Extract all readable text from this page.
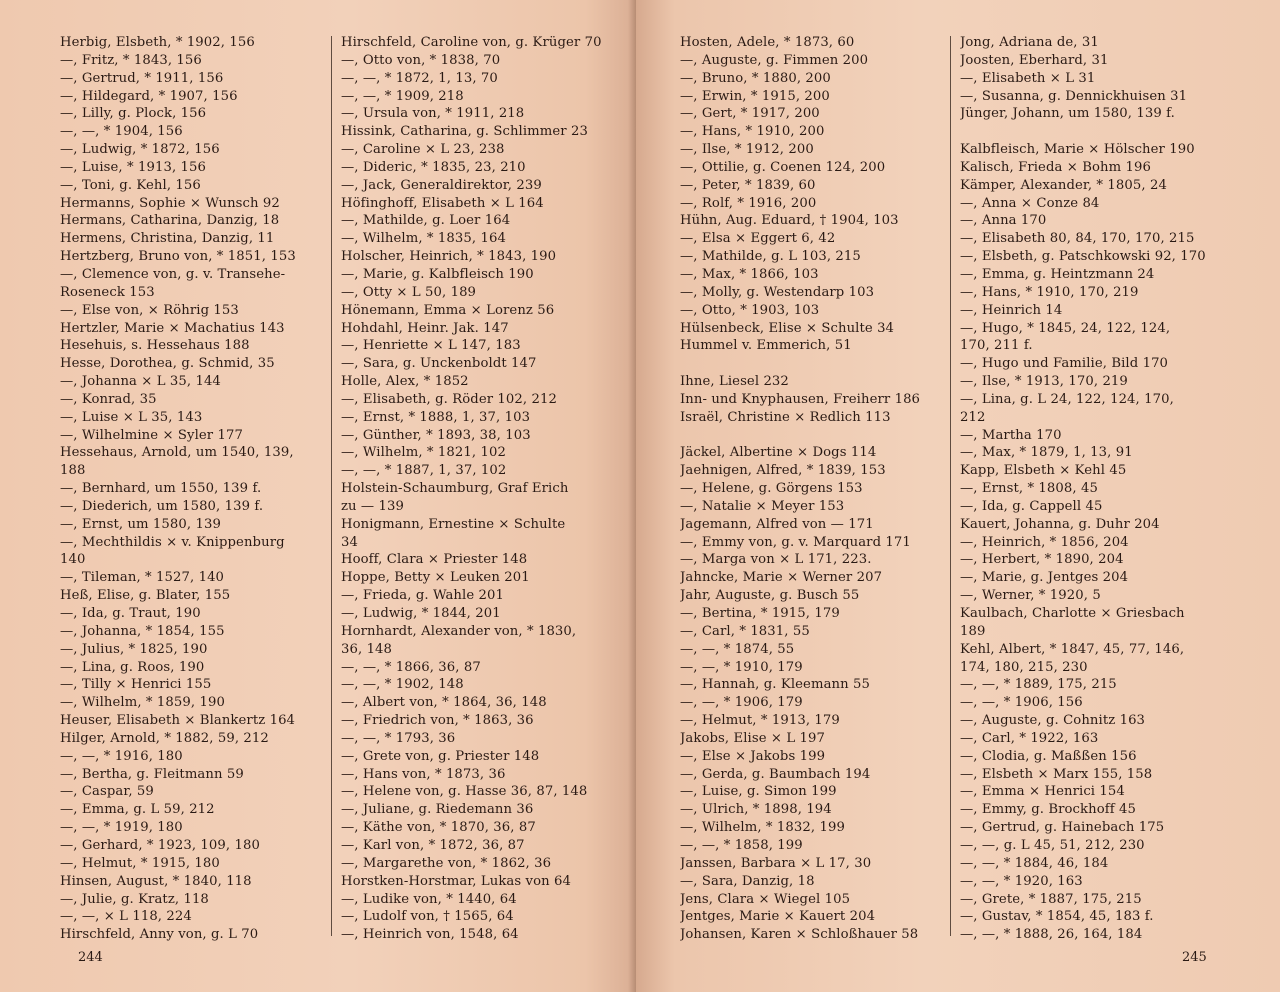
Herbig, Elsbeth, * 1902, 156
—, Fritz, * 1843, 156
—, Gertrud, * 1911, 156
—, Hildegard, * 1907, 156
—, Lilly, g. Plock, 156
—, —, * 1904, 156
—, Ludwig, * 1872, 156
—, Luise, * 1913, 156
—, Toni, g. Kehl, 156
Hermanns, Sophie × Wunsch 92
Hermans, Catharina, Danzig, 18
Hermens, Christina, Danzig, 11
Hertzberg, Bruno von, * 1851, 153
—, Clemence von, g. v. Transehe-
Roseneck 153
—, Else von, × Röhrig 153
Hertzler, Marie × Machatius 143
Hesehuis, s. Hessehaus 188
Hesse, Dorothea, g. Schmid, 35
—, Johanna × L 35, 144
—, Konrad, 35
—, Luise × L 35, 143
—, Wilhelmine × Syler 177
Hessehaus, Arnold, um 1540, 139,
188
—, Bernhard, um 1550, 139 f.
—, Diederich, um 1580, 139 f.
—, Ernst, um 1580, 139
—, Mechthildis × v. Knippenburg
140
—, Tileman, * 1527, 140
Heß, Elise, g. Blater, 155
—, Ida, g. Traut, 190
—, Johanna, * 1854, 155
—, Julius, * 1825, 190
—, Lina, g. Roos, 190
—, Tilly × Henrici 155
—, Wilhelm, * 1859, 190
Heuser, Elisabeth × Blankertz 164
Hilger, Arnold, * 1882, 59, 212
—, —, * 1916, 180
—, Bertha, g. Fleitmann 59
—, Caspar, 59
—, Emma, g. L 59, 212
—, —, * 1919, 180
—, Gerhard, * 1923, 109, 180
—, Helmut, * 1915, 180
Hinsen, August, * 1840, 118
—, Julie, g. Kratz, 118
—, —, × L 118, 224
Hirschfeld, Anny von, g. L 70
Hirschfeld, Caroline von, g. Krüger 70
—, Otto von, * 1838, 70
—, —, * 1872, 1, 13, 70
—, —, * 1909, 218
—, Ursula von, * 1911, 218
Hissink, Catharina, g. Schlimmer 23
—, Caroline × L 23, 238
—, Dideric, * 1835, 23, 210
—, Jack, Generaldirektor, 239
Höfinghoff, Elisabeth × L 164
—, Mathilde, g. Loer 164
—, Wilhelm, * 1835, 164
Holscher, Heinrich, * 1843, 190
—, Marie, g. Kalbfleisch 190
—, Otty × L 50, 189
Hönemann, Emma × Lorenz 56
Hohdahl, Heinr. Jak. 147
—, Henriette × L 147, 183
—, Sara, g. Unckenboldt 147
Holle, Alex, * 1852
—, Elisabeth, g. Röder 102, 212
—, Ernst, * 1888, 1, 37, 103
—, Günther, * 1893, 38, 103
—, Wilhelm, * 1821, 102
—, —, * 1887, 1, 37, 102
Holstein-Schaumburg, Graf Erich
zu — 139
Honigmann, Ernestine × Schulte
34
Hooff, Clara × Priester 148
Hoppe, Betty × Leuken 201
—, Frieda, g. Wahle 201
—, Ludwig, * 1844, 201
Hornhardt, Alexander von, * 1830,
36, 148
—, —, * 1866, 36, 87
—, —, * 1902, 148
—, Albert von, * 1864, 36, 148
—, Friedrich von, * 1863, 36
—, —, * 1793, 36
—, Grete von, g. Priester 148
—, Hans von, * 1873, 36
—, Helene von, g. Hasse 36, 87, 148
—, Juliane, g. Riedemann 36
—, Käthe von, * 1870, 36, 87
—, Karl von, * 1872, 36, 87
—, Margarethe von, * 1862, 36
Horstken-Horstmar, Lukas von 64
—, Ludike von, * 1440, 64
—, Ludolf von, † 1565, 64
—, Heinrich von, 1548, 64
244
Hosten, Adele, * 1873, 60
—, Auguste, g. Fimmen 200
—, Bruno, * 1880, 200
—, Erwin, * 1915, 200
—, Gert, * 1917, 200
—, Hans, * 1910, 200
—, Ilse, * 1912, 200
—, Ottilie, g. Coenen 124, 200
—, Peter, * 1839, 60
—, Rolf, * 1916, 200
Hühn, Aug. Eduard, † 1904, 103
—, Elsa × Eggert 6, 42
—, Mathilde, g. L 103, 215
—, Max, * 1866, 103
—, Molly, g. Westendarp 103
—, Otto, * 1903, 103
Hülsenbeck, Elise × Schulte 34
Hummel v. Emmerich, 51
Ihne, Liesel 232
Inn- und Knyphausen, Freiherr 186
Israël, Christine × Redlich 113
Jäckel, Albertine × Dogs 114
Jaehnigen, Alfred, * 1839, 153
—, Helene, g. Görgens 153
—, Natalie × Meyer 153
Jagemann, Alfred von — 171
—, Emmy von, g. v. Marquard 171
—, Marga von × L 171, 223.
Jahncke, Marie × Werner 207
Jahr, Auguste, g. Busch 55
—, Bertina, * 1915, 179
—, Carl, * 1831, 55
—, —, * 1874, 55
—, —, * 1910, 179
—, Hannah, g. Kleemann 55
—, —, * 1906, 179
—, Helmut, * 1913, 179
Jakobs, Elise × L 197
—, Else × Jakobs 199
—, Gerda, g. Baumbach 194
—, Luise, g. Simon 199
—, Ulrich, * 1898, 194
—, Wilhelm, * 1832, 199
—, —, * 1858, 199
Janssen, Barbara × L 17, 30
—, Sara, Danzig, 18
Jens, Clara × Wiegel 105
Jentges, Marie × Kauert 204
Johansen, Karen × Schloßhauer 58
Jong, Adriana de, 31
Joosten, Eberhard, 31
—, Elisabeth × L 31
—, Susanna, g. Dennickhuisen 31
Jünger, Johann, um 1580, 139 f.
Kalbfleisch, Marie × Hölscher 190
Kalisch, Frieda × Bohm 196
Kämper, Alexander, * 1805, 24
—, Anna × Conze 84
—, Anna 170
—, Elisabeth 80, 84, 170, 170, 215
—, Elsbeth, g. Patschkowski 92, 170
—, Emma, g. Heintzmann 24
—, Hans, * 1910, 170, 219
—, Heinrich 14
—, Hugo, * 1845, 24, 122, 124,
170, 211 f.
—, Hugo und Familie, Bild 170
—, Ilse, * 1913, 170, 219
—, Lina, g. L 24, 122, 124, 170,
212
—, Martha 170
—, Max, * 1879, 1, 13, 91
Kapp, Elsbeth × Kehl 45
—, Ernst, * 1808, 45
—, Ida, g. Cappell 45
Kauert, Johanna, g. Duhr 204
—, Heinrich, * 1856, 204
—, Herbert, * 1890, 204
—, Marie, g. Jentges 204
—, Werner, * 1920, 5
Kaulbach, Charlotte × Griesbach
189
Kehl, Albert, * 1847, 45, 77, 146,
174, 180, 215, 230
—, —, * 1889, 175, 215
—, —, * 1906, 156
—, Auguste, g. Cohnitz 163
—, Carl, * 1922, 163
—, Clodia, g. Maßßen 156
—, Elsbeth × Marx 155, 158
—, Emma × Henrici 154
—, Emmy, g. Brockhoff 45
—, Gertrud, g. Hainebach 175
—, —, g. L 45, 51, 212, 230
—, —, * 1884, 46, 184
—, —, * 1920, 163
—, Grete, * 1887, 175, 215
—, Gustav, * 1854, 45, 183 f.
—, —, * 1888, 26, 164, 184
245
